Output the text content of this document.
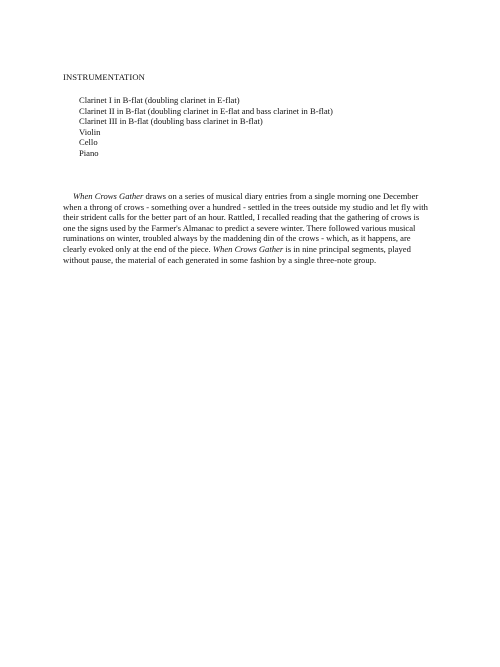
INSTRUMENTATION
Clarinet I in B-flat (doubling clarinet in E-flat)
Clarinet II in B-flat (doubling clarinet in E-flat and bass clarinet in B-flat)
Clarinet III in B-flat (doubling bass clarinet in B-flat)
Violin
Cello
Piano

When Crows Gather draws on a series of musical diary entries from a single morning one December
when a throng of crows - something over a hundred - settled in the trees outside my studio and let fly with
their strident calls for the better part of an hour. Rattled, I recalled reading that the gathering of crows is
one the signs used by the Farmer's Almanac to predict a severe winter. There followed various musical
ruminations on winter, troubled always by the maddening din of the crows - which, as it happens, are
clearly evoked only at the end of the piece. When Crows Gather is in nine principal segments, played
without pause, the material of each generated in some fashion by a single three-note group.
